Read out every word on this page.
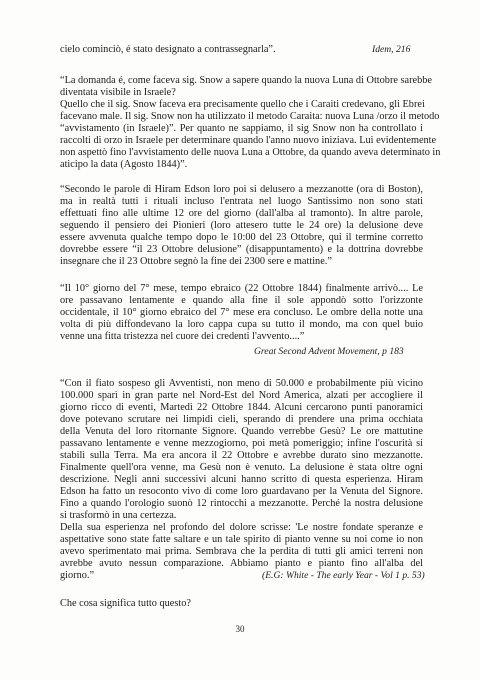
cielo cominciò, é stato designato a contrassegnarla”.	Idem, 216

“La domanda é, come faceva sig. Snow a sapere quando la nuova Luna di Ottobre sarebbe

diventata visibile in Israele?

Quello che il sig. Snow faceva era precisamente quello che i Caraiti credevano, gli Ebrei

facevano male. Il sig. Snow non ha utilizzato il metodo Caraita: nuova Luna /orzo il metodo

“avvistamento (in Israele)”. Per quanto ne sappiamo, il sig Snow non ha controllato i

raccolti di orzo in Israele per determinare quando l'anno nuovo iniziava. Lui evidentemente

non aspettò fino l'avvistamento delle nuova Luna a Ottobre, da quando aveva determinato in

aticipo la data (Agosto 1844)”.

“Secondo le parole di Hiram Edson loro poi si delusero a mezzanotte (ora di Boston),

ma in realtà tutti i rituali incluso l'entrata nel luogo Santissimo non sono stati

effettuati fino alle ultime 12 ore del giorno (dall'alba al tramonto). In altre parole,

seguendo il pensiero dei Pionieri (loro attesero tutte le 24 ore) la delusione deve

essere avvenuta qualche tempo dopo le 10:00 del 23 Ottobre, qui il termine corretto

dovrebbe essere “il 23 Ottobre delusione” (disappuntamento) e la dottrina dovrebbe

insegnare che il 23 Ottobre segnò la fine dei 2300 sere e mattine.”

“Il 10° giorno del 7° mese, tempo ebraico (22 Ottobre 1844) finalmente arrivò.... Le

ore passavano lentamente e quando alla fine il sole appondò sotto l'orizzonte

occidentale, il 10° giorno ebraico del 7° mese era concluso. Le ombre della notte una

volta di più diffondevano la loro cappa cupa su tutto il mondo, ma con quel buio

venne una fitta tristezza nel cuore dei credenti l'avvento....”

Great Second Advent Movement, p 183

“Con il fiato sospeso gli Avventisti, non meno di 50.000 e probabilmente più vicino

100.000 sparì in gran parte nel Nord-Est del Nord America, alzati per accogliere il

giorno ricco di eventi, Martedì 22 Ottobre 1844. Alcuni cercarono punti panoramici

dove potevano scrutare nei limpidi cieli, sperando di prendere una prima occhiata

della Venuta del loro ritornante Signore. Quando verrebbe Gesù? Le ore mattutine

passavano lentamente e venne mezzogiorno, poi metà pomeriggio; infine l'oscurità si

stabilì sulla Terra. Ma era ancora il 22 Ottobre e avrebbe durato sino mezzanotte.

Finalmente quell'ora venne, ma Gesù non è venuto. La delusione è stata oltre ogni

descrizione. Negli anni successivi alcuni hanno scritto di questa esperienza. Hiram

Edson ha fatto un resoconto vivo di come loro guardavano per la Venuta del Signore.

Fino a quando l'orologio suonò 12 rintocchi a mezzanotte. Perché la nostra delusione

si trasformò in una certezza.

Della sua esperienza nel profondo del dolore scrisse: 'Le nostre fondate speranze e

aspettative sono state fatte saltare e un tale spirito di pianto venne su noi come io non

avevo sperimentato mai prima. Sembrava che la perdita di tutti gli amici terreni non

avrebbe avuto nessun comparazione. Abbiamo pianto e pianto fino all'alba del

giorno.”	(E.G: White - The early Year - Vol 1 p. 53)

Che cosa significa tutto questo?

30
